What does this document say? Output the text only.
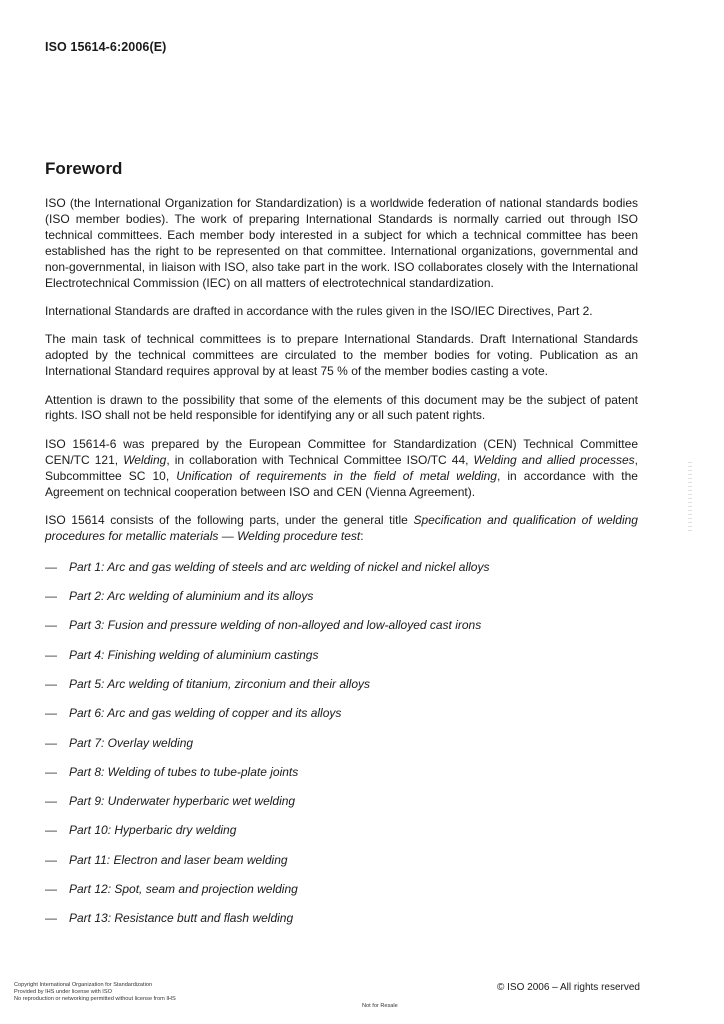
ISO 15614-6:2006(E)
Foreword

ISO (the International Organization for Standardization) is a worldwide federation of national standards bodies (ISO member bodies). The work of preparing International Standards is normally carried out through ISO technical committees. Each member body interested in a subject for which a technical committee has been established has the right to be represented on that committee. International organizations, governmental and non-governmental, in liaison with ISO, also take part in the work. ISO collaborates closely with the International Electrotechnical Commission (IEC) on all matters of electrotechnical standardization.

International Standards are drafted in accordance with the rules given in the ISO/IEC Directives, Part 2.

The main task of technical committees is to prepare International Standards. Draft International Standards adopted by the technical committees are circulated to the member bodies for voting. Publication as an International Standard requires approval by at least 75 % of the member bodies casting a vote.

Attention is drawn to the possibility that some of the elements of this document may be the subject of patent rights. ISO shall not be held responsible for identifying any or all such patent rights.

ISO 15614-6 was prepared by the European Committee for Standardization (CEN) Technical Committee CEN/TC 121, Welding, in collaboration with Technical Committee ISO/TC 44, Welding and allied processes, Subcommittee SC 10, Unification of requirements in the field of metal welding, in accordance with the Agreement on technical cooperation between ISO and CEN (Vienna Agreement).

ISO 15614 consists of the following parts, under the general title Specification and qualification of welding procedures for metallic materials — Welding procedure test:

—	Part 1: Arc and gas welding of steels and arc welding of nickel and nickel alloys
—	Part 2: Arc welding of aluminium and its alloys
—	Part 3: Fusion and pressure welding of non-alloyed and low-alloyed cast irons
—	Part 4: Finishing welding of aluminium castings
—	Part 5: Arc welding of titanium, zirconium and their alloys
—	Part 6: Arc and gas welding of copper and its alloys
—	Part 7: Overlay welding
—	Part 8: Welding of tubes to tube-plate joints
—	Part 9: Underwater hyperbaric wet welding
—	Part 10: Hyperbaric dry welding
—	Part 11: Electron and laser beam welding
—	Part 12: Spot, seam and projection welding
—	Part 13: Resistance butt and flash welding
Copyright International Organization for Standardization
Provided by IHS under license with ISO
No reproduction or networking permitted without license from IHS
Not for Resale
© ISO 2006 – All rights reserved
